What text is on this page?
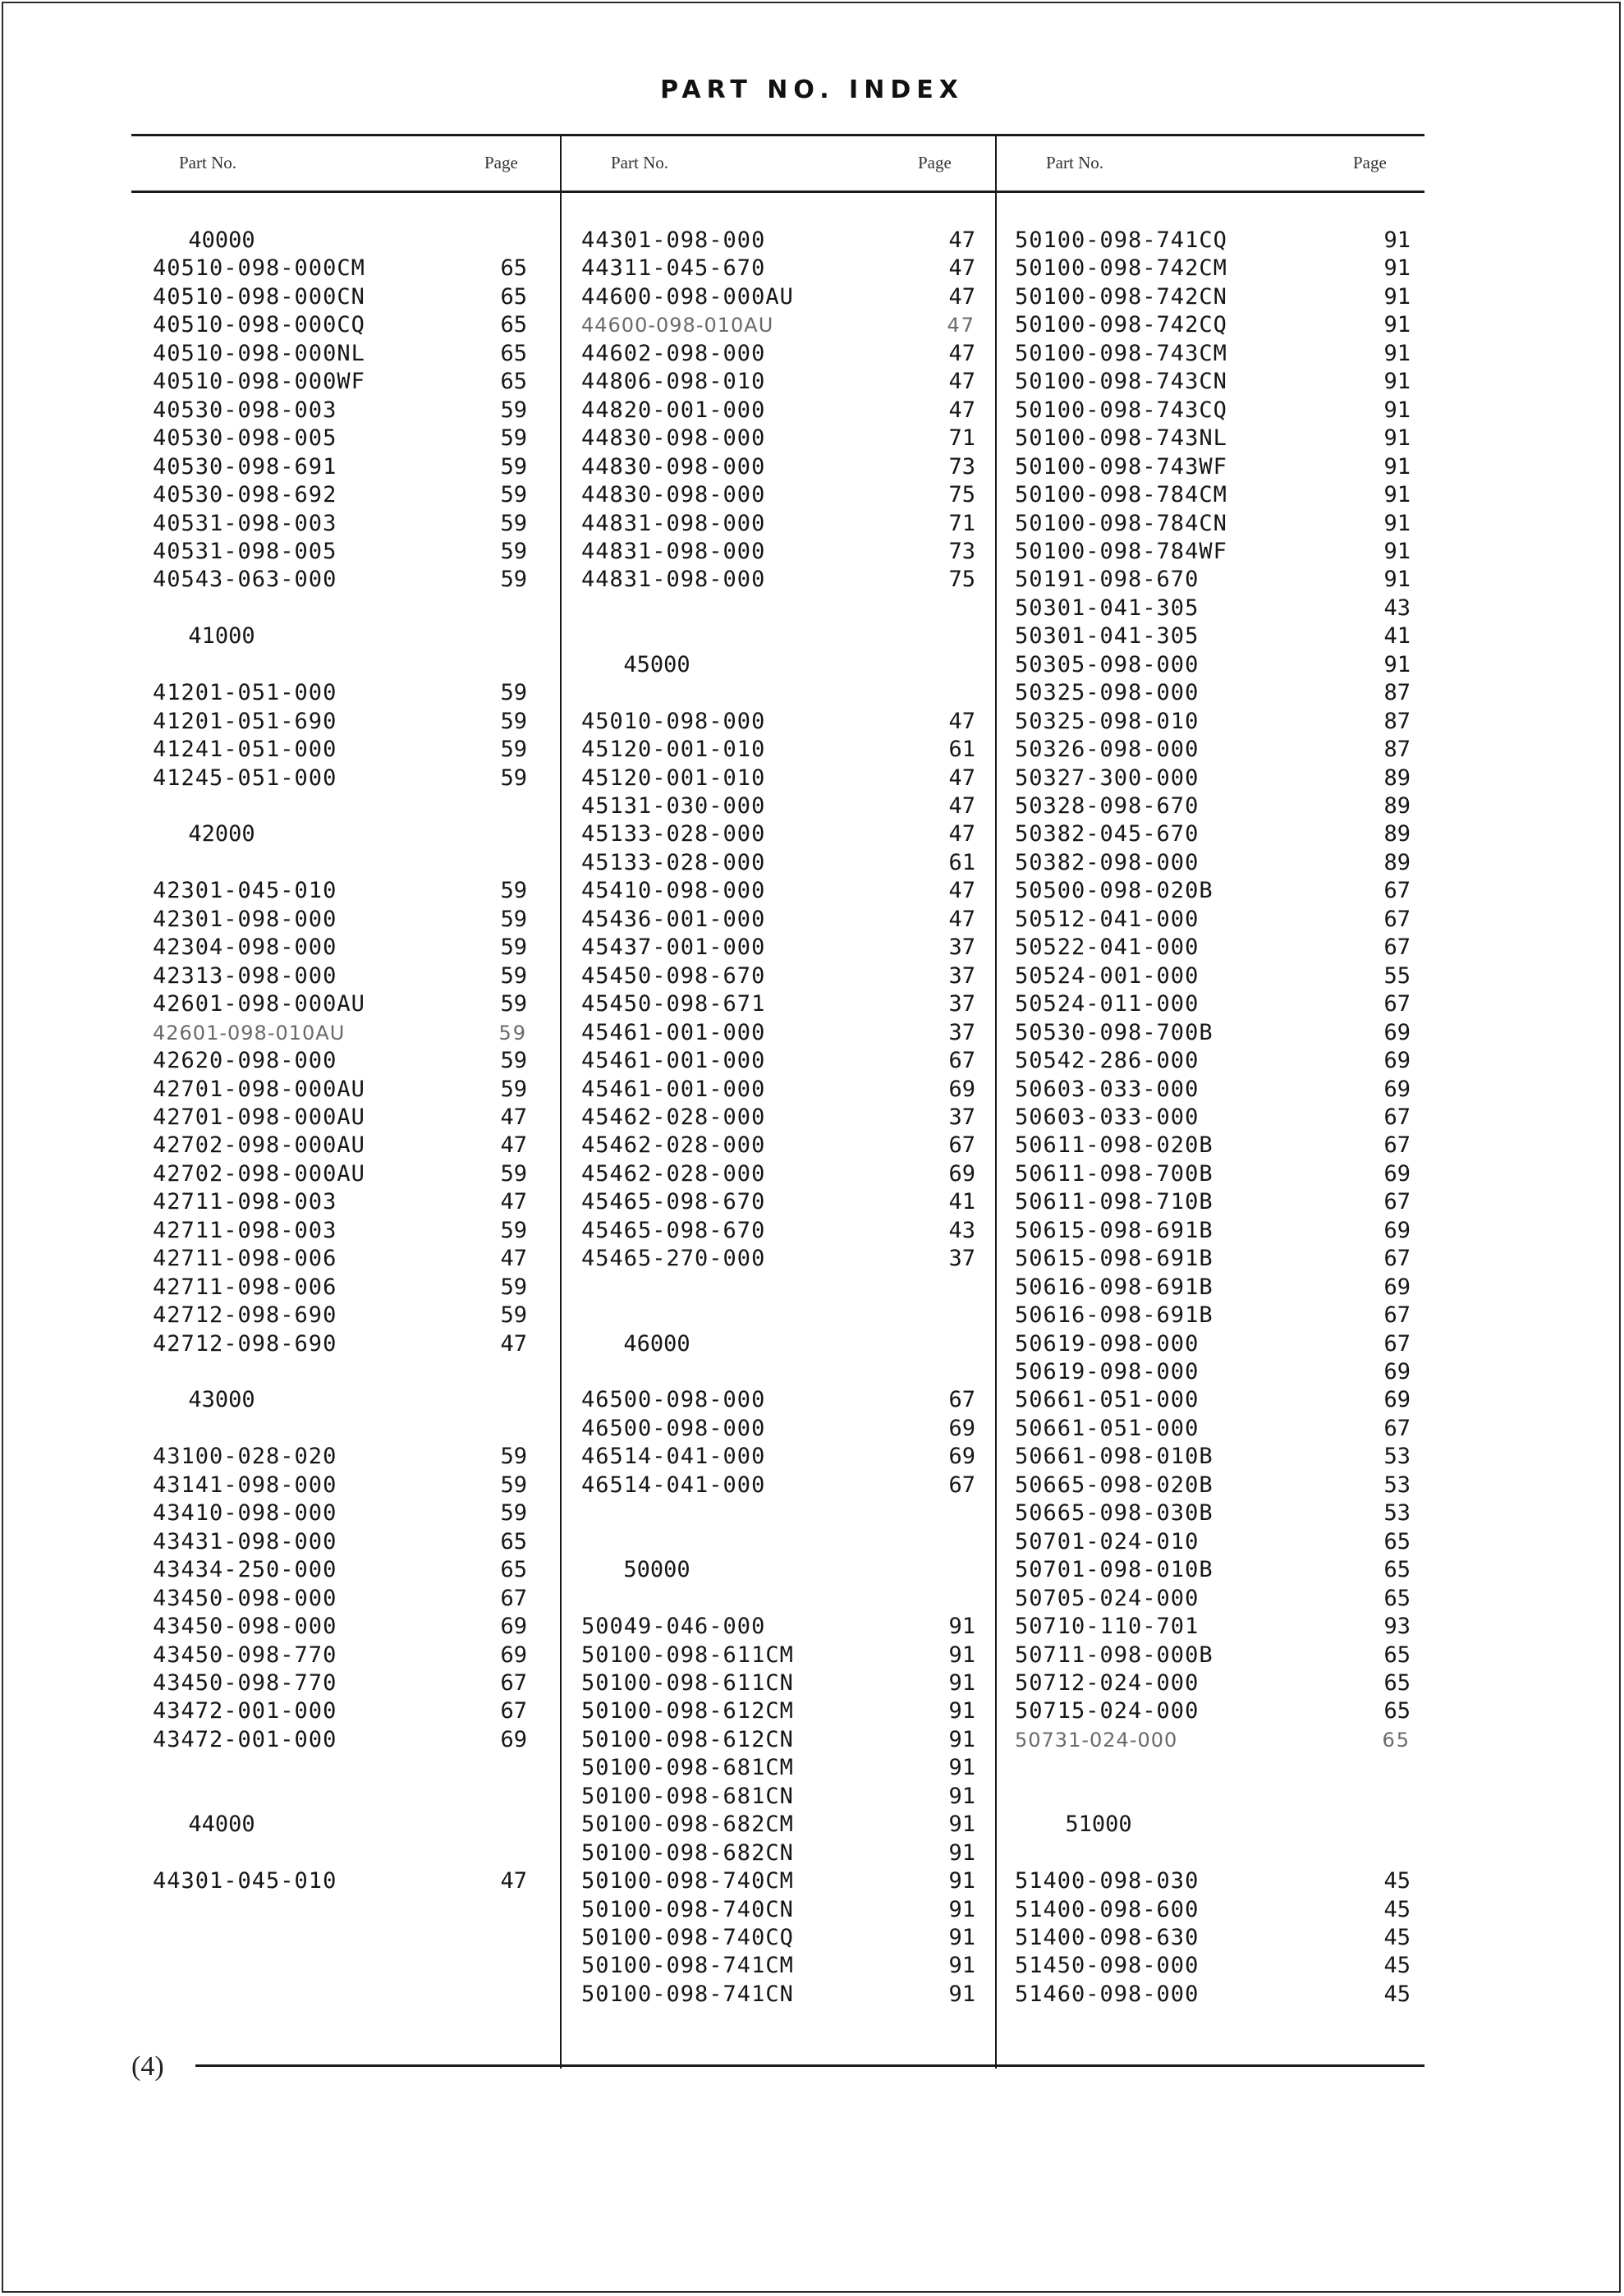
PART NO. INDEX
Part No.	Page	Part No.	Page	Part No.	Page
40000
40510-098-000CM	65
40510-098-000CN	65
40510-098-000CQ	65
40510-098-000NL	65
40510-098-000WF	65
40530-098-003	59
40530-098-005	59
40530-098-691	59
40530-098-692	59
40531-098-003	59
40531-098-005	59
40543-063-000	59
41000
41201-051-000	59
41201-051-690	59
41241-051-000	59
41245-051-000	59
42000
42301-045-010	59
42301-098-000	59
42304-098-000	59
42313-098-000	59
42601-098-000AU	59
42601-098-010AU	59
42620-098-000	59
42701-098-000AU	59
42701-098-000AU	47
42702-098-000AU	47
42702-098-000AU	59
42711-098-003	47
42711-098-003	59
42711-098-006	47
42711-098-006	59
42712-098-690	59
42712-098-690	47
43000
43100-028-020	59
43141-098-000	59
43410-098-000	59
43431-098-000	65
43434-250-000	65
43450-098-000	67
43450-098-000	69
43450-098-770	69
43450-098-770	67
43472-001-000	67
43472-001-000	69
44000
44301-045-010	47
44301-098-000	47
44311-045-670	47
44600-098-000AU	47
44600-098-010AU	47
44602-098-000	47
44806-098-010	47
44820-001-000	47
44830-098-000	71
44830-098-000	73
44830-098-000	75
44831-098-000	71
44831-098-000	73
44831-098-000	75
45000
45010-098-000	47
45120-001-010	61
45120-001-010	47
45131-030-000	47
45133-028-000	47
45133-028-000	61
45410-098-000	47
45436-001-000	47
45437-001-000	37
45450-098-670	37
45450-098-671	37
45461-001-000	37
45461-001-000	67
45461-001-000	69
45462-028-000	37
45462-028-000	67
45462-028-000	69
45465-098-670	41
45465-098-670	43
45465-270-000	37
46000
46500-098-000	67
46500-098-000	69
46514-041-000	69
46514-041-000	67
50000
50049-046-000	91
50100-098-611CM	91
50100-098-611CN	91
50100-098-612CM	91
50100-098-612CN	91
50100-098-681CM	91
50100-098-681CN	91
50100-098-682CM	91
50100-098-682CN	91
50100-098-740CM	91
50100-098-740CN	91
50100-098-740CQ	91
50100-098-741CM	91
50100-098-741CN	91
50100-098-741CQ	91
50100-098-742CM	91
50100-098-742CN	91
50100-098-742CQ	91
50100-098-743CM	91
50100-098-743CN	91
50100-098-743CQ	91
50100-098-743NL	91
50100-098-743WF	91
50100-098-784CM	91
50100-098-784CN	91
50100-098-784WF	91
50191-098-670	91
50301-041-305	43
50301-041-305	41
50305-098-000	91
50325-098-000	87
50325-098-010	87
50326-098-000	87
50327-300-000	89
50328-098-670	89
50382-045-670	89
50382-098-000	89
50500-098-020B	67
50512-041-000	67
50522-041-000	67
50524-001-000	55
50524-011-000	67
50530-098-700B	69
50542-286-000	69
50603-033-000	69
50603-033-000	67
50611-098-020B	67
50611-098-700B	69
50611-098-710B	67
50615-098-691B	69
50615-098-691B	67
50616-098-691B	69
50616-098-691B	67
50619-098-000	67
50619-098-000	69
50661-051-000	69
50661-051-000	67
50661-098-010B	53
50665-098-020B	53
50665-098-030B	53
50701-024-010	65
50701-098-010B	65
50705-024-000	65
50710-110-701	93
50711-098-000B	65
50712-024-000	65
50715-024-000	65
50731-024-000	65
51000
51400-098-030	45
51400-098-600	45
51400-098-630	45
51450-098-000	45
51460-098-000	45
(4)
